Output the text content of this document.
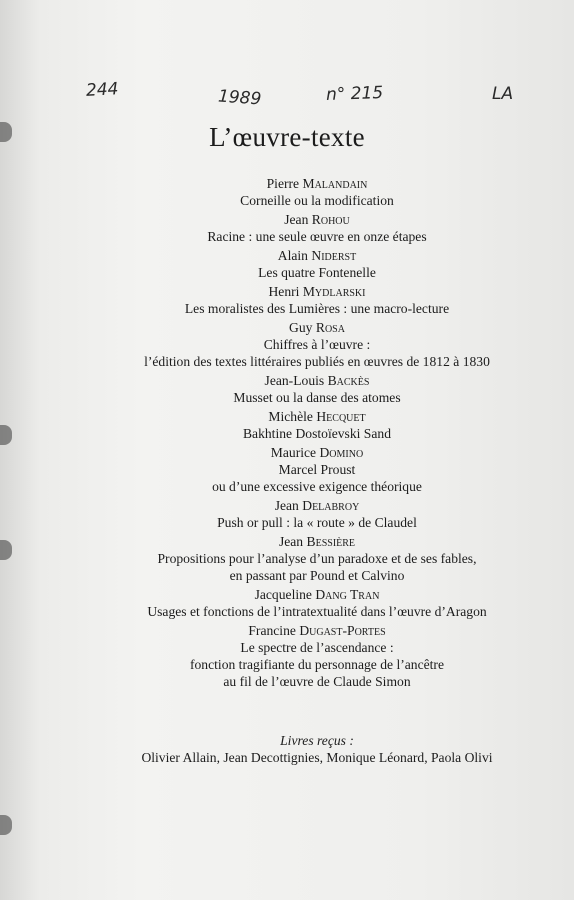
244	1989	n° 215	LA
L’œuvre-texte
Pierre Malandain
Corneille ou la modification
Jean Rohou
Racine : une seule œuvre en onze étapes
Alain Niderst
Les quatre Fontenelle
Henri Mydlarski
Les moralistes des Lumières : une macro-lecture
Guy Rosa
Chiffres à l’œuvre :
l’édition des textes littéraires publiés en œuvres de 1812 à 1830
Jean-Louis Backès
Musset ou la danse des atomes
Michèle Hecquet
Bakhtine Dostoïevski Sand
Maurice Domino
Marcel Proust
ou d’une excessive exigence théorique
Jean Delabroy
Push or pull : la « route » de Claudel
Jean Bessière
Propositions pour l’analyse d’un paradoxe et de ses fables,
en passant par Pound et Calvino
Jacqueline Dang Tran
Usages et fonctions de l’intratextualité dans l’œuvre d’Aragon
Francine Dugast-Portes
Le spectre de l’ascendance :
fonction tragifiante du personnage de l’ancêtre
au fil de l’œuvre de Claude Simon
Livres reçus :
Olivier Allain, Jean Decottignies, Monique Léonard, Paola Olivi
